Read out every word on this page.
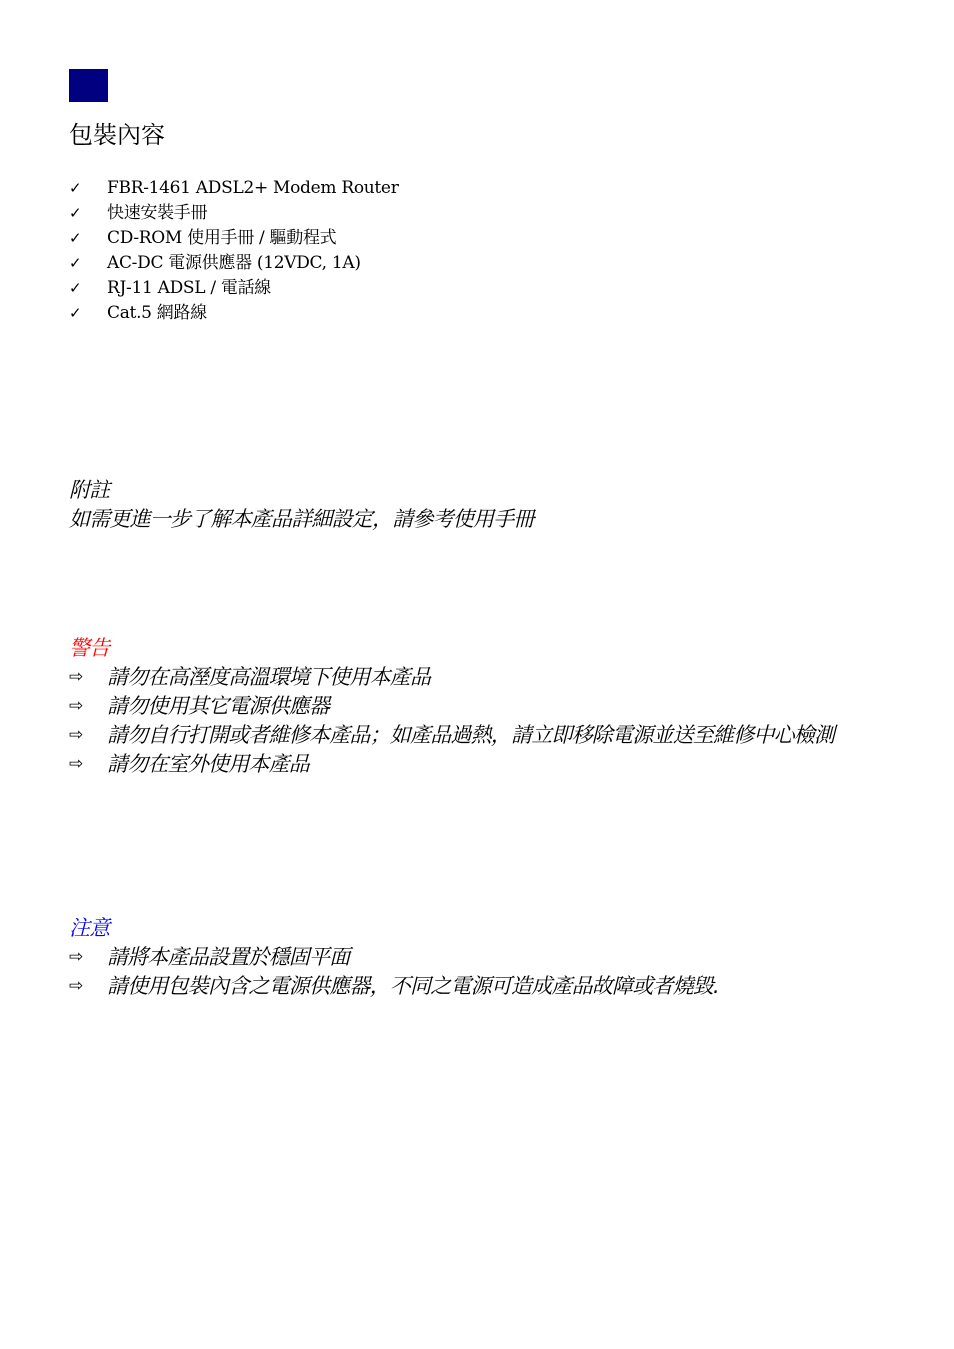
包裝內容
✓	FBR-1461 ADSL2+ Modem Router
✓	快速安裝手冊
✓	CD-ROM 使用手冊 / 驅動程式
✓	AC-DC 電源供應器 (12VDC, 1A)
✓	RJ-11 ADSL / 電話線
✓	Cat.5 網路線
附註
如需更進一步了解本產品詳細設定，請參考使用手冊
警告
⇨	請勿在高溼度高溫環境下使用本產品
⇨	請勿使用其它電源供應器
⇨	請勿自行打開或者維修本產品；如產品過熱，請立即移除電源並送至維修中心檢測
⇨	請勿在室外使用本產品
注意
⇨	請將本產品設置於穩固平面
⇨	請使用包裝內含之電源供應器，不同之電源可造成產品故障或者燒毀.
